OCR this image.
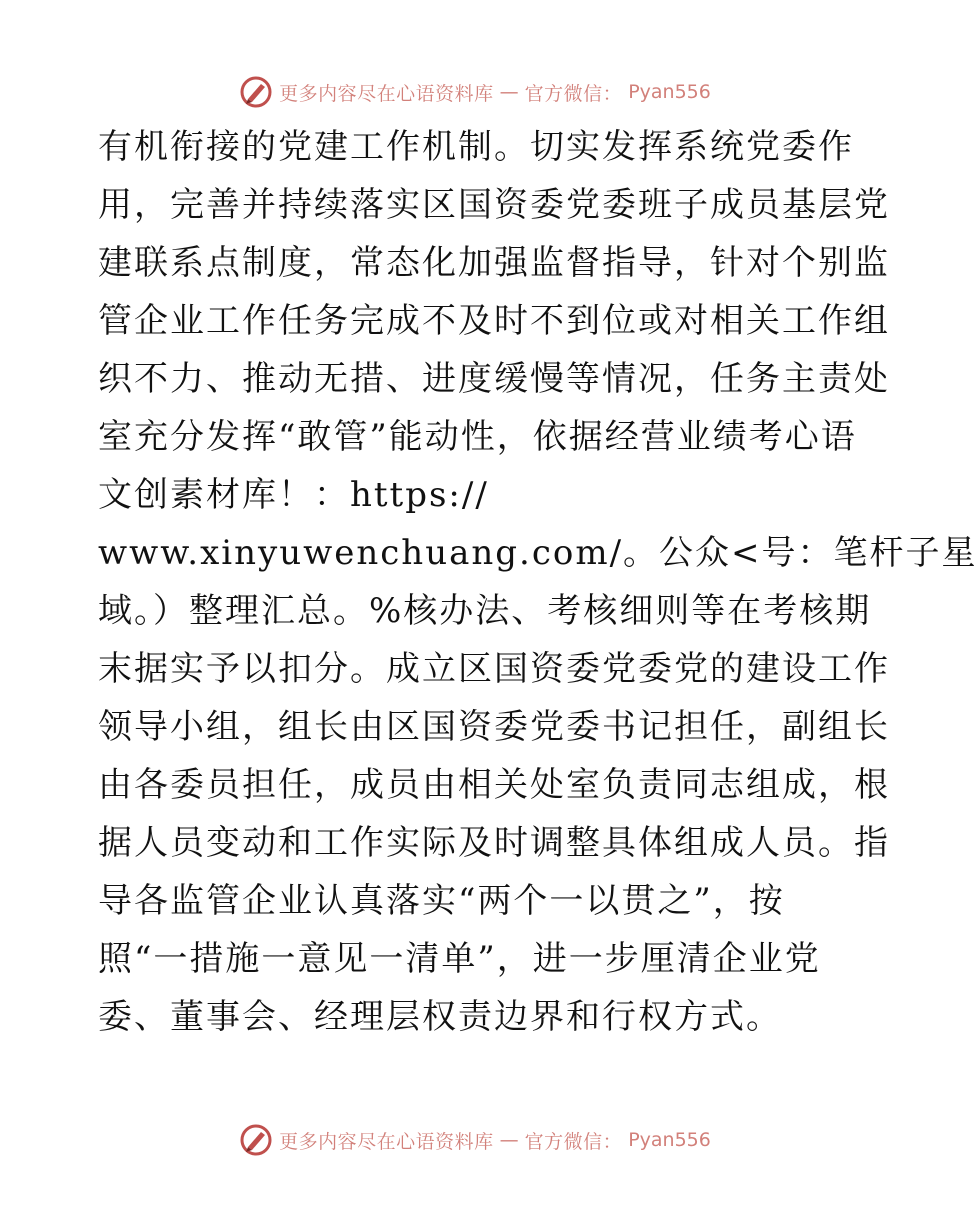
更多内容尽在心语资料库 — 官方微信： Pyan556
有机衔接的党建工作机制。切实发挥系统党委作
用，完善并持续落实区国资委党委班子成员基层党
建联系点制度，常态化加强监督指导，针对个别监
管企业工作任务完成不及时不到位或对相关工作组
织不力、推动无措、进度缓慢等情况，任务主责处
室充分发挥“敢管”能动性，依据经营业绩考心语
文创素材库！：https://
www.xinyuwenchuang.com/。公众<号：笔杆子星
域。）整理汇总。%核办法、考核细则等在考核期
末据实予以扣分。成立区国资委党委党的建设工作
领导小组，组长由区国资委党委书记担任，副组长
由各委员担任，成员由相关处室负责同志组成，根
据人员变动和工作实际及时调整具体组成人员。指
导各监管企业认真落实“两个一以贯之”，按
照“一措施一意见一清单”，进一步厘清企业党
委、董事会、经理层权责边界和行权方式。
更多内容尽在心语资料库 — 官方微信： Pyan556
